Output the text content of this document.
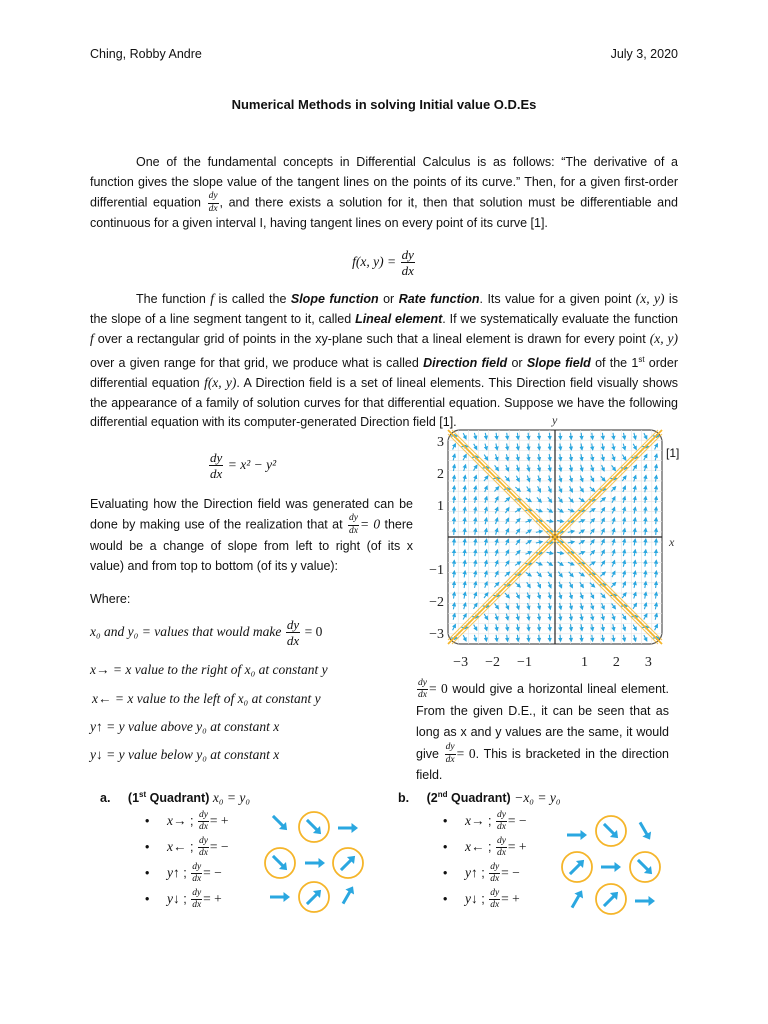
Ching, Robby Andre	July 3, 2020
Numerical Methods in solving Initial value O.D.Es
One of the fundamental concepts in Differential Calculus is as follows: “The derivative of a function gives the slope value of the tangent lines on the points of its curve.” Then, for a given first-order differential equation $\frac{dy}{dx}$ , and there exists a solution for it, then that solution must be differentiable and continuous for a given interval I, having tangent lines on every point of its curve [1].
f(x, $y) = \frac{dy}{dx}$
The function f is called the Slope function or Rate function. Its value for a given point (x, y) is the slope of a line segment tangent to it, called Lineal element. If we systematically evaluate the function f over a rectangular grid of points in the xy-plane such that a lineal element is drawn for every point (x, y) over a given range for that grid, we produce what is called Direction field or Slope field of the 1st order differential equation f(x, y). A Direction field is a set of lineal elements. This Direction field visually shows the appearance of a family of solution curves for that differential equation. Suppose we have the following differential equation with its computer-generated Direction field [1].
$\frac{dy}{dx} = x^2 - y^2$
Evaluating how the Direction field was generated can be done by making use of the realization that at $\frac{dy}{dx} = 0$ there would be a change of slope from left to right (of its x value) and from top to bottom (of its y value):
Where:
x₀ and y₀ = values that would make $\frac{dy}{dx} = 0$
x→ = x value to the right of x₀ at constant y
x← = x value to the left of x₀ at constant y
y↑ = y value above y₀ at constant x
y↓ = y value below y₀ at constant x
y
x
[1]
−3 −2 −1	1 2 3
3
2
1
−1
−2
−3
$\frac{dy}{dx} = 0$ would give a horizontal lineal element. From the given D.E., it can be seen that as long as x and y values are the same, it would give $\frac{dy}{dx} = 0$. This is bracketed in the direction field.
a. (1st Quadrant) x₀ = y₀
• x→ ; $\frac{dy}{dx}$ = +
• x← ; $\frac{dy}{dx}$ = −
• y↑ ; $\frac{dy}{dx}$ = −
• y↓ ; $\frac{dy}{dx}$ = +
b. (2nd Quadrant) −x₀ = y₀
• x→ ; $\frac{dy}{dx}$ = −
• x← ; $\frac{dy}{dx}$ = +
• y↑ ; $\frac{dy}{dx}$ = −
• y↓ ; $\frac{dy}{dx}$ = +
